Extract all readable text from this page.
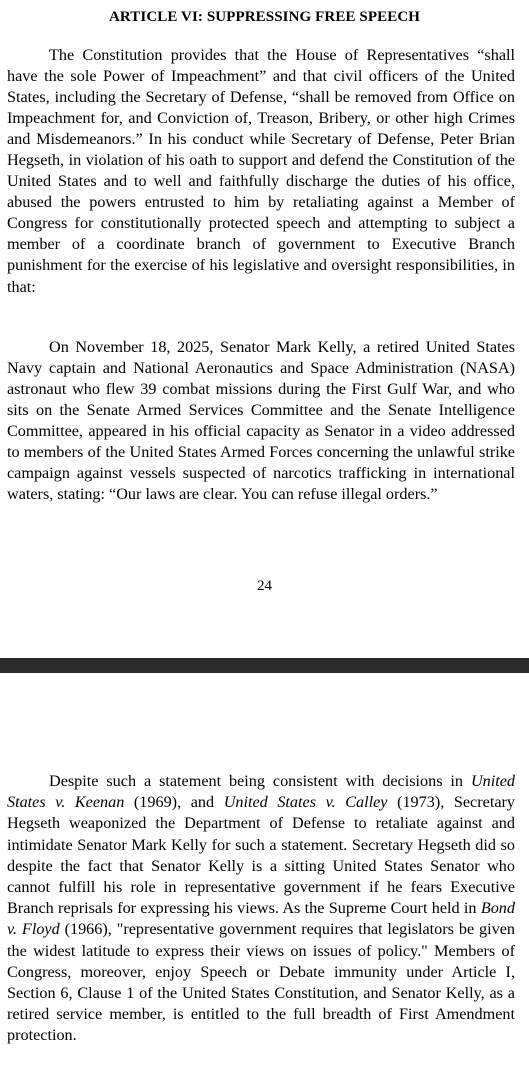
ARTICLE VI: SUPPRESSING FREE SPEECH

The Constitution provides that the House of Representatives “shall have the sole Power of Impeachment” and that civil officers of the United States, including the Secretary of Defense, “shall be removed from Office on Impeachment for, and Conviction of, Treason, Bribery, or other high Crimes and Misdemeanors.” In his conduct while Secretary of Defense, Peter Brian Hegseth, in violation of his oath to support and defend the Constitution of the United States and to well and faithfully discharge the duties of his office, abused the powers entrusted to him by retaliating against a Member of Congress for constitutionally protected speech and attempting to subject a member of a coordinate branch of government to Executive Branch punishment for the exercise of his legislative and oversight responsibilities, in that:

On November 18, 2025, Senator Mark Kelly, a retired United States Navy captain and National Aeronautics and Space Administration (NASA) astronaut who flew 39 combat missions during the First Gulf War, and who sits on the Senate Armed Services Committee and the Senate Intelligence Committee, appeared in his official capacity as Senator in a video addressed to members of the United States Armed Forces concerning the unlawful strike campaign against vessels suspected of narcotics trafficking in international waters, stating: “Our laws are clear. You can refuse illegal orders.”

24

Despite such a statement being consistent with decisions in United States v. Keenan (1969), and United States v. Calley (1973), Secretary Hegseth weaponized the Department of Defense to retaliate against and intimidate Senator Mark Kelly for such a statement. Secretary Hegseth did so despite the fact that Senator Kelly is a sitting United States Senator who cannot fulfill his role in representative government if he fears Executive Branch reprisals for expressing his views. As the Supreme Court held in Bond v. Floyd (1966), "representative government requires that legislators be given the widest latitude to express their views on issues of policy." Members of Congress, moreover, enjoy Speech or Debate immunity under Article I, Section 6, Clause 1 of the United States Constitution, and Senator Kelly, as a retired service member, is entitled to the full breadth of First Amendment protection.
